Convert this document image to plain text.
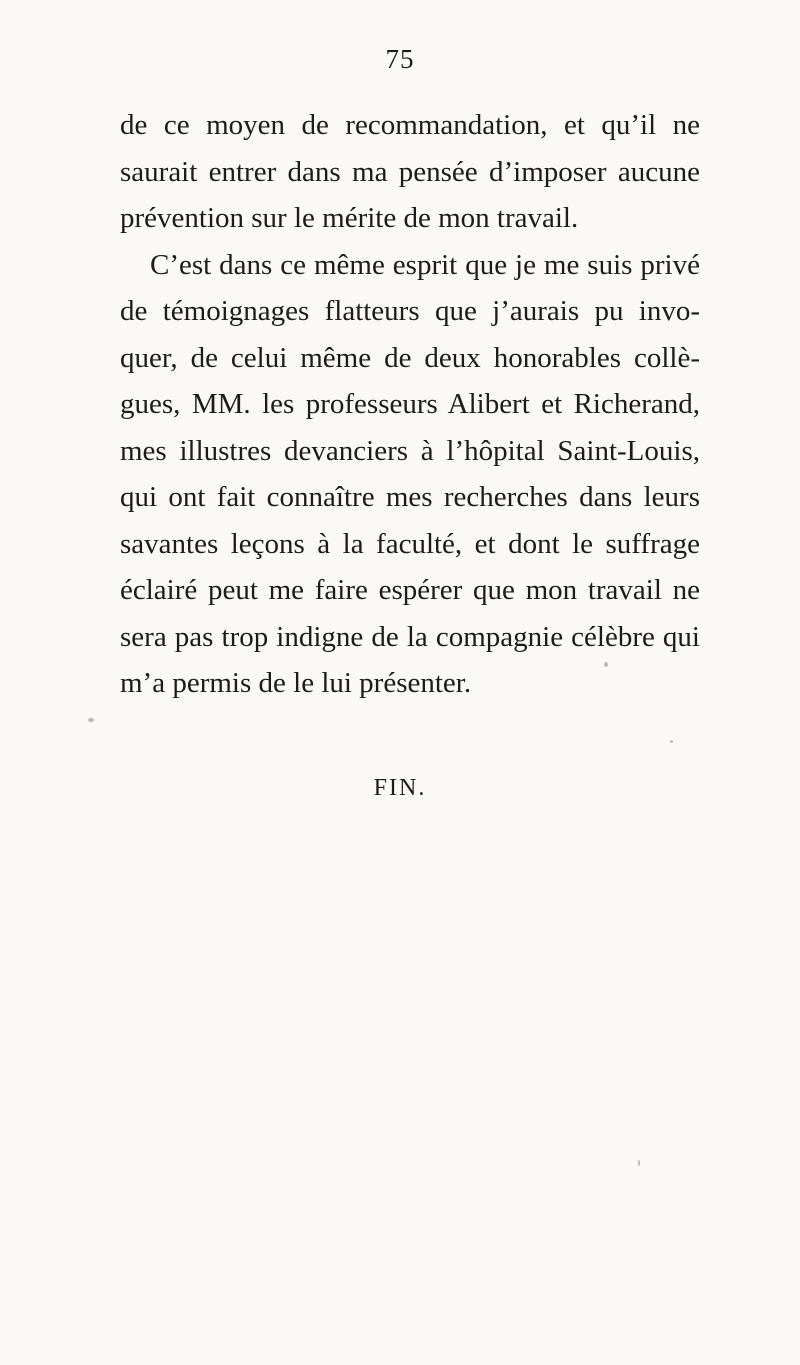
75
de ce moyen de recommandation, et qu’il ne
saurait entrer dans ma pensée d’imposer aucune
prévention sur le mérite de mon travail.
C’est dans ce même esprit que je me suis privé
de témoignages flatteurs que j’aurais pu invo-
quer, de celui même de deux honorables collè-
gues, MM. les professeurs Alibert et Richerand,
mes illustres devanciers à l’hôpital Saint-Louis,
qui ont fait connaître mes recherches dans leurs
savantes leçons à la faculté, et dont le suffrage
éclairé peut me faire espérer que mon travail ne
sera pas trop indigne de la compagnie célèbre qui
m’a permis de le lui présenter.
FIN.
